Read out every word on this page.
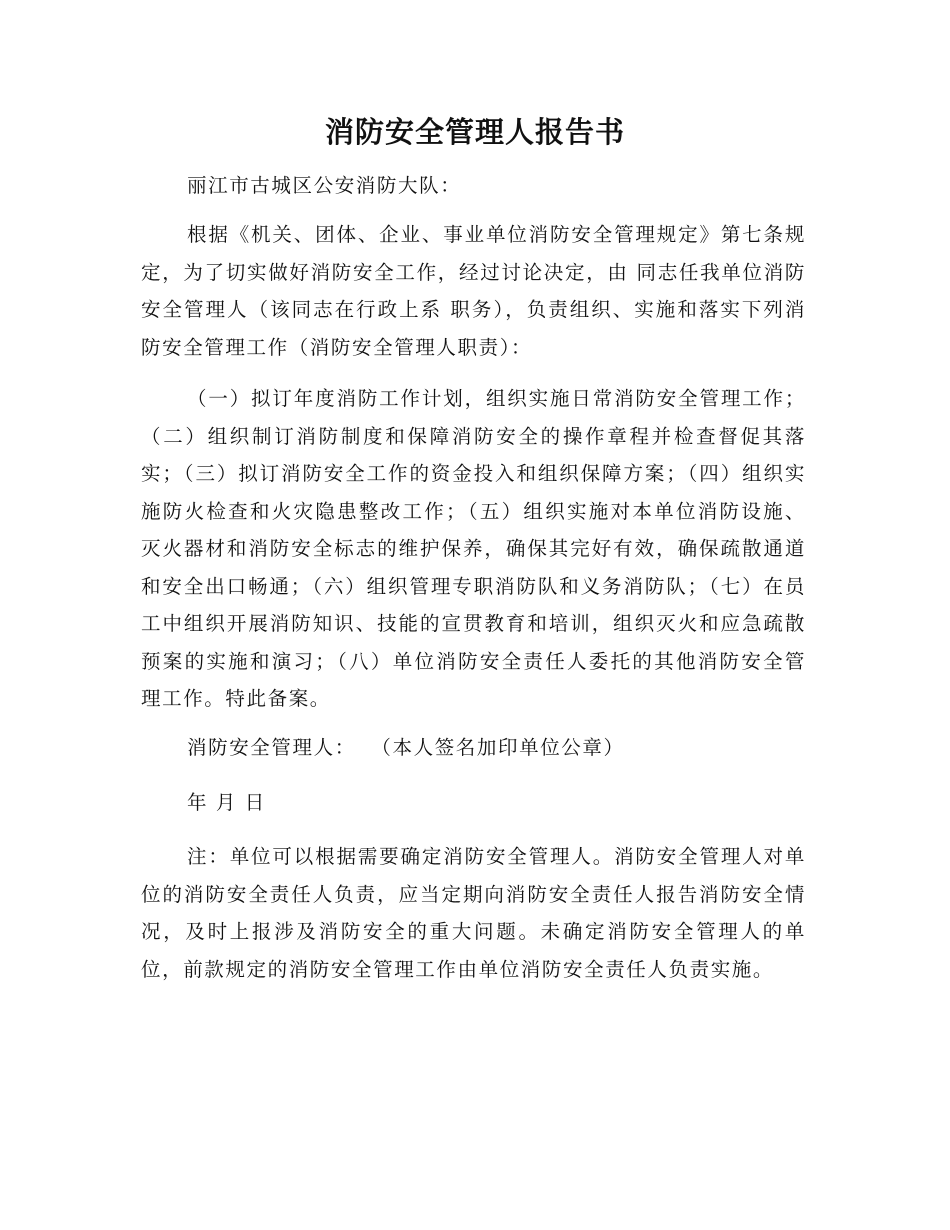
消防安全管理人报告书
丽江市古城区公安消防大队：
根据《机关、团体、企业、事业单位消防安全管理规定》第七条规定，为了切实做好消防安全工作，经过讨论决定，由 同志任我单位消防安全管理人（该同志在行政上系 职务），负责组织、实施和落实下列消防安全管理工作（消防安全管理人职责）：
（一）拟订年度消防工作计划，组织实施日常消防安全管理工作；（二）组织制订消防制度和保障消防安全的操作章程并检查督促其落实；（三）拟订消防安全工作的资金投入和组织保障方案；（四）组织实施防火检查和火灾隐患整改工作；（五）组织实施对本单位消防设施、灭火器材和消防安全标志的维护保养，确保其完好有效，确保疏散通道和安全出口畅通；（六）组织管理专职消防队和义务消防队；（七）在员工中组织开展消防知识、技能的宣贯教育和培训，组织灭火和应急疏散预案的实施和演习；（八）单位消防安全责任人委托的其他消防安全管理工作。特此备案。
消防安全管理人：  （本人签名加印单位公章）
年 月 日
注：单位可以根据需要确定消防安全管理人。消防安全管理人对单位的消防安全责任人负责，应当定期向消防安全责任人报告消防安全情况，及时上报涉及消防安全的重大问题。未确定消防安全管理人的单位，前款规定的消防安全管理工作由单位消防安全责任人负责实施。
